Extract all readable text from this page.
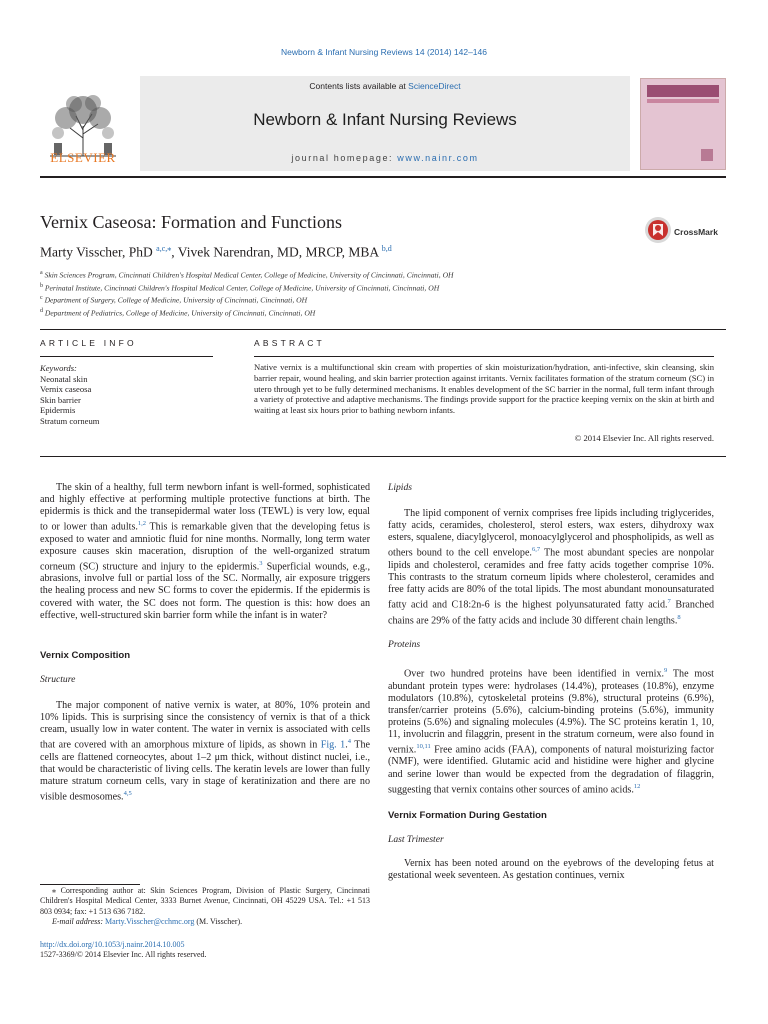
Newborn & Infant Nursing Reviews 14 (2014) 142–146
ELSEVIER
Contents lists available at ScienceDirect
Newborn & Infant Nursing Reviews
journal homepage: www.nainr.com
Vernix Caseosa: Formation and Functions	CrossMark
Marty Visscher, PhD $^{a,c,⁎}$, Vivek Narendran, MD, MRCP, MBA $^{b,d}$
$^a$ Skin Sciences Program, Cincinnati Children's Hospital Medical Center, College of Medicine, University of Cincinnati, Cincinnati, OH
$^b$ Perinatal Institute, Cincinnati Children's Hospital Medical Center, College of Medicine, University of Cincinnati, Cincinnati, OH
$^c$ Department of Surgery, College of Medicine, University of Cincinnati, Cincinnati, OH
$^d$ Department of Pediatrics, College of Medicine, University of Cincinnati, Cincinnati, OH
ARTICLE INFO	ABSTRACT
Keywords:
Neonatal skin
Vernix caseosa
Skin barrier
Epidermis
Stratum corneum
Native vernix is a multifunctional skin cream with properties of skin moisturization/hydration, anti-infective, skin cleansing, skin barrier repair, wound healing, and skin barrier protection against irritants. Vernix facilitates formation of the stratum corneum (SC) in utero through yet to be fully determined mechanisms. It enables development of the SC barrier in the normal, full term infant through a variety of protective and adaptive mechanisms. The findings provide support for the practice keeping vernix on the skin at birth and waiting at least six hours prior to bathing newborn infants.
© 2014 Elsevier Inc. All rights reserved.

The skin of a healthy, full term newborn infant is well-formed, sophisticated and highly effective at performing multiple protective functions at birth. The epidermis is thick and the transepidermal water loss (TEWL) is very low, equal to or lower than adults.$^{1,2}$ This is remarkable given that the developing fetus is exposed to water and amniotic fluid for nine months. Normally, long term water exposure causes skin maceration, disruption of the well-organized stratum corneum (SC) structure and injury to the epidermis.$^3$ Superficial wounds, e.g., abrasions, involve full or partial loss of the SC. Normally, air exposure triggers the healing process and new SC forms to cover the epidermis. If the epidermis is covered with water, the SC does not form. The question is this: how does an effective, well-structured skin barrier form while the infant is in water?

Vernix Composition
Structure

The major component of native vernix is water, at 80%, 10% protein and 10% lipids. This is surprising since the consistency of vernix is that of a thick cream, usually low in water content. The water in vernix is associated with cells that are covered with an amorphous mixture of lipids, as shown in Fig. 1.$^4$ The cells are flattened corneocytes, about 1–2 μm thick, without distinct nuclei, i.e., that would be characteristic of living cells. The keratin levels are lower than fully mature stratum corneum cells, vary in stage of keratinization and there are no visible desmosomes.$^{4,5}$

Lipids

The lipid component of vernix comprises free lipids including triglycerides, fatty acids, ceramides, cholesterol, sterol esters, wax esters, dihydroxy wax esters, squalene, diacylglycerol, monoacylglycerol and phospholipids, as well as others bound to the cell envelope.$^{6,7}$ The most abundant species are nonpolar lipids and cholesterol, ceramides and free fatty acids together comprise 10%. This contrasts to the stratum corneum lipids where cholesterol, ceramides and free fatty acids are 80% of the total lipids. The most abundant monounsaturated fatty acid and C18:2n-6 is the highest polyunsaturated fatty acid.$^7$ Branched chains are 29% of the fatty acids and include 30 different chain lengths.$^8$

Proteins

Over two hundred proteins have been identified in vernix.$^9$ The most abundant protein types were: hydrolases (14.4%), proteases (10.8%), enzyme modulators (10.8%), cytoskeletal proteins (9.8%), structural proteins (6.9%), transfer/carrier proteins (5.6%), calcium-binding proteins (5.6%), immunity proteins (5.6%) and signaling molecules (4.9%). The SC proteins keratin 1, 10, 11, involucrin and filaggrin, present in the stratum corneum, were also found in vernix.$^{10,11}$ Free amino acids (FAA), components of natural moisturizing factor (NMF), were identified. Glutamic acid and histidine were higher and glycine and serine lower than would be expected from the degradation of filaggrin, suggesting that vernix contains other sources of amino acids.$^{12}$

Vernix Formation During Gestation
Last Trimester

Vernix has been noted around on the eyebrows of the developing fetus at gestational week seventeen. As gestation continues, vernix

⁎ Corresponding author at: Skin Sciences Program, Division of Plastic Surgery, Cincinnati Children's Hospital Medical Center, 3333 Burnet Avenue, Cincinnati, OH 45229 USA. Tel.: +1 513 803 0934; fax: +1 513 636 7182.

E-mail address: Marty.Visscher@cchmc.org (M. Visscher).

http://dx.doi.org/10.1053/j.nainr.2014.10.005
1527-3369/© 2014 Elsevier Inc. All rights reserved.
